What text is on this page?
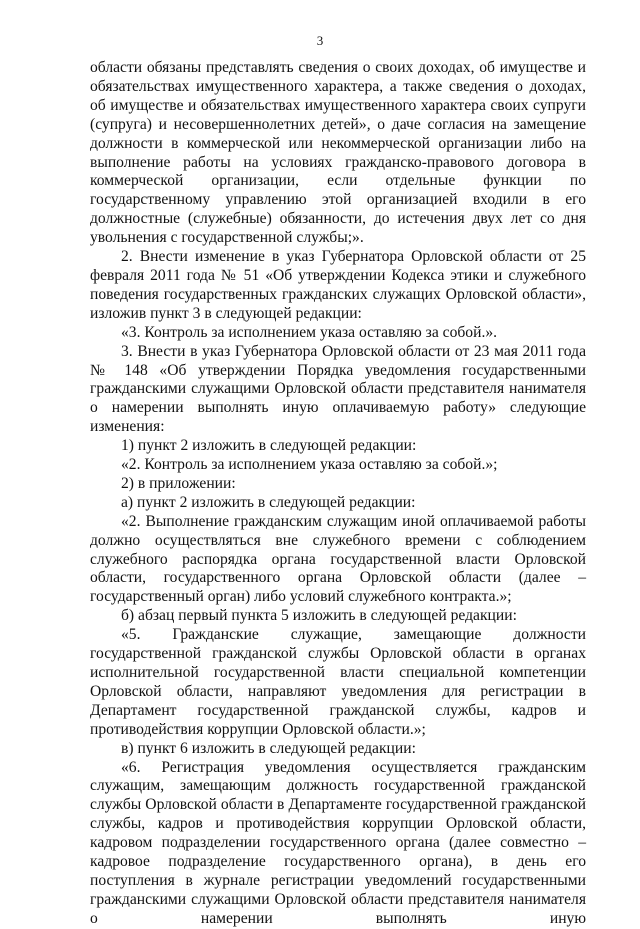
3

области обязаны представлять сведения о своих доходах, об имуществе и обязательствах имущественного характера, а также сведения о доходах, об имуществе и обязательствах имущественного характера своих супруги (супруга) и несовершеннолетних детей», о даче согласия на замещение должности в коммерческой или некоммерческой организации либо на выполнение работы на условиях гражданско-правового договора в коммерческой организации, если отдельные функции по государственному управлению этой организацией входили в его должностные (служебные) обязанности, до истечения двух лет со дня увольнения с государственной службы;».

2. Внести изменение в указ Губернатора Орловской области от 25 февраля 2011 года № 51 «Об утверждении Кодекса этики и служебного поведения государственных гражданских служащих Орловской области», изложив пункт 3 в следующей редакции:

«3. Контроль за исполнением указа оставляю за собой.».

3. Внести в указ Губернатора Орловской области от 23 мая 2011 года № 148 «Об утверждении Порядка уведомления государственными гражданскими служащими Орловской области представителя нанимателя о намерении выполнять иную оплачиваемую работу» следующие изменения:

1) пункт 2 изложить в следующей редакции:

«2. Контроль за исполнением указа оставляю за собой.»;

2) в приложении:

а) пункт 2 изложить в следующей редакции:

«2. Выполнение гражданским служащим иной оплачиваемой работы должно осуществляться вне служебного времени с соблюдением служебного распорядка органа государственной власти Орловской области, государственного органа Орловской области (далее – государственный орган) либо условий служебного контракта.»;

б) абзац первый пункта 5 изложить в следующей редакции:

«5. Гражданские служащие, замещающие должности государственной гражданской службы Орловской области в органах исполнительной государственной власти специальной компетенции Орловской области, направляют уведомления для регистрации в Департамент государственной гражданской службы, кадров и противодействия коррупции Орловской области.»;

в) пункт 6 изложить в следующей редакции:

«6. Регистрация уведомления осуществляется гражданским служащим, замещающим должность государственной гражданской службы Орловской области в Департаменте государственной гражданской службы, кадров и противодействия коррупции Орловской области, кадровом подразделении государственного органа (далее совместно – кадровое подразделение государственного органа), в день его поступления в журнале регистрации уведомлений государственными гражданскими служащими Орловской области представителя нанимателя о намерении выполнять иную
